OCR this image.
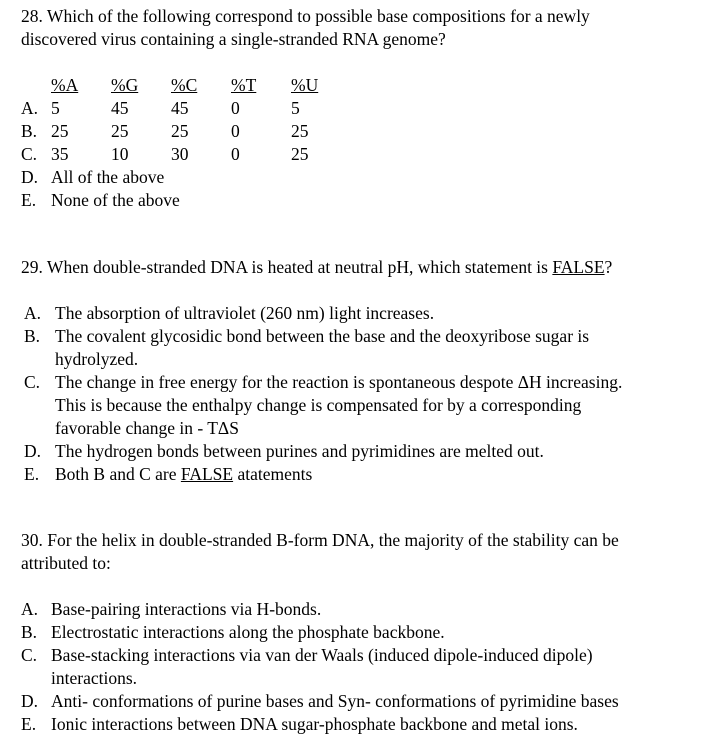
28. Which of the following correspond to possible base compositions for a newly
discovered virus containing a single-stranded RNA genome?
%A %G %C %T %U
A. 5	45 45 0	5
B. 25 25 25 0	25
C. 35 10 30 0	25
D. All of the above
E. None of the above
29. When double-stranded DNA is heated at neutral pH, which statement is FALSE?
A. The absorption of ultraviolet (260 nm) light increases.
B. The covalent glycosidic bond between the base and the deoxyribose sugar is
hydrolyzed.
C. The change in free energy for the reaction is spontaneous despote ΔH increasing.
This is because the enthalpy change is compensated for by a corresponding
favorable change in - TΔS
D. The hydrogen bonds between purines and pyrimidines are melted out.
E. Both B and C are FALSE atatements
30. For the helix in double-stranded B-form DNA, the majority of the stability can be
attributed to:
A. Base-pairing interactions via H-bonds.
B. Electrostatic interactions along the phosphate backbone.
C. Base-stacking interactions via van der Waals (induced dipole-induced dipole)
interactions.
D. Anti- conformations of purine bases and Syn- conformations of pyrimidine bases
E. Ionic interactions between DNA sugar-phosphate backbone and metal ions.
